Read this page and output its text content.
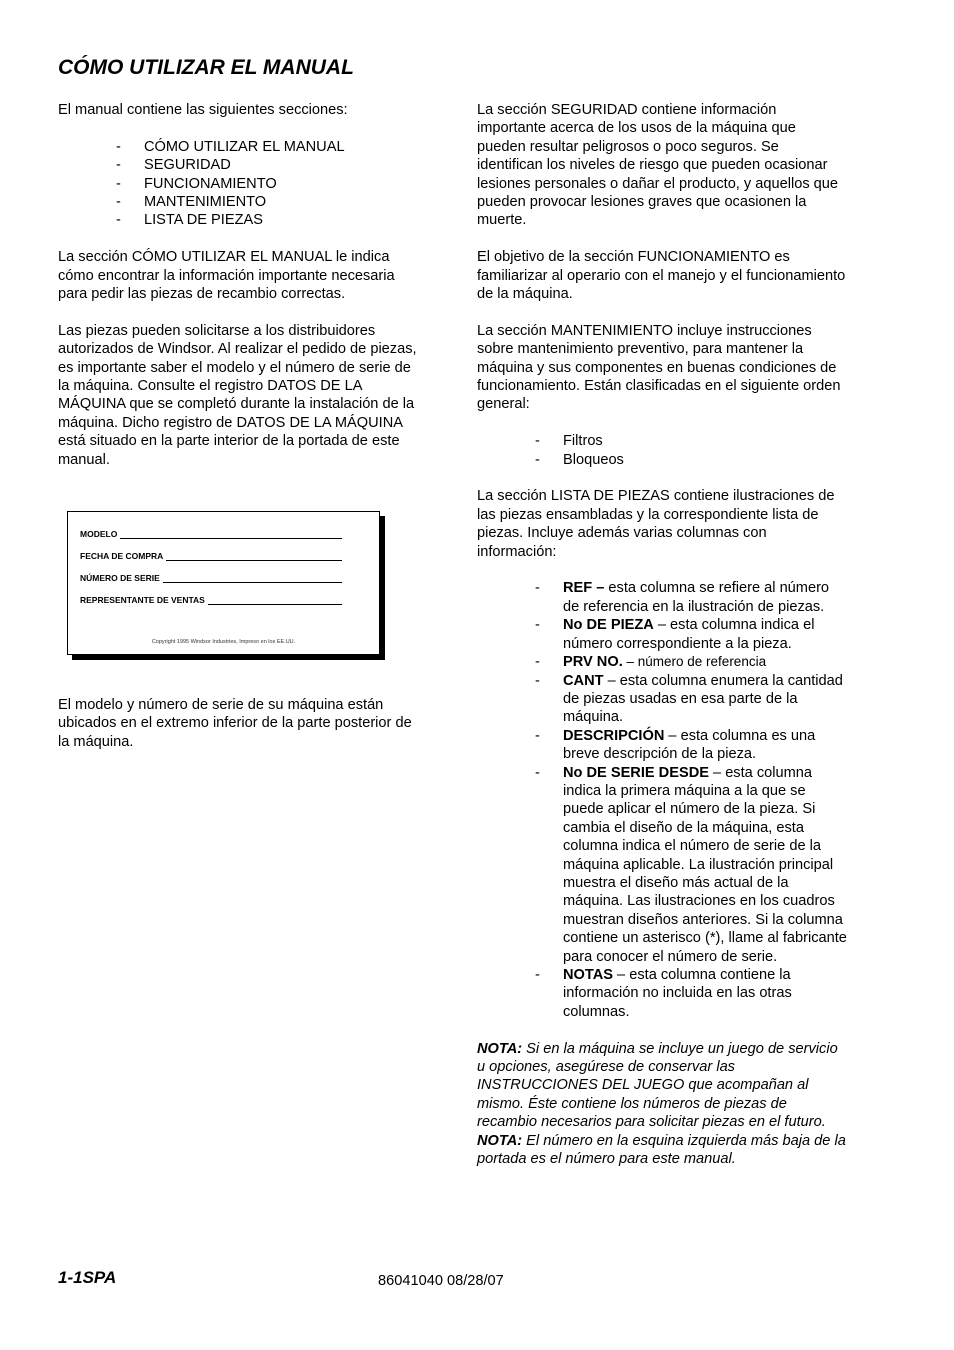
CÓMO UTILIZAR EL MANUAL

El manual contiene las siguientes secciones:

- CÓMO UTILIZAR EL MANUAL
- SEGURIDAD
- FUNCIONAMIENTO
- MANTENIMIENTO
- LISTA DE PIEZAS

La sección CÓMO UTILIZAR EL MANUAL le indica cómo encontrar la información importante necesaria para pedir las piezas de recambio correctas.

Las piezas pueden solicitarse a los distribuidores autorizados de Windsor. Al realizar el pedido de piezas, es importante saber el modelo y el número de serie de la máquina. Consulte el registro DATOS DE LA MÁQUINA que se completó durante la instalación de la máquina. Dicho registro de DATOS DE LA MÁQUINA está situado en la parte interior de la portada de este manual.

MODELO
FECHA DE COMPRA
NÚMERO DE SERIE
REPRESENTANTE DE VENTAS
Copyright 1995 Windsor Industries, Impreso en los EE.UU.

El modelo y número de serie de su máquina están ubicados en el extremo inferior de la parte posterior de la máquina.

La sección SEGURIDAD contiene información importante acerca de los usos de la máquina que pueden resultar peligrosos o poco seguros. Se identifican los niveles de riesgo que pueden ocasionar lesiones personales o dañar el producto, y aquellos que pueden provocar lesiones graves que ocasionen la muerte.

El objetivo de la sección FUNCIONAMIENTO es familiarizar al operario con el manejo y el funcionamiento de la máquina.

La sección MANTENIMIENTO incluye instrucciones sobre mantenimiento preventivo, para mantener la máquina y sus componentes en buenas condiciones de funcionamiento. Están clasificadas en el siguiente orden general:

- Filtros
- Bloqueos

La sección LISTA DE PIEZAS contiene ilustraciones de las piezas ensambladas y la correspondiente lista de piezas. Incluye además varias columnas con información:

- REF – esta columna se refiere al número de referencia en la ilustración de piezas.
- No DE PIEZA – esta columna indica el número correspondiente a la pieza.
- PRV NO. – número de referencia
- CANT – esta columna enumera la cantidad de piezas usadas en esa parte de la máquina.
- DESCRIPCIÓN – esta columna es una breve descripción de la pieza.
- No DE SERIE DESDE – esta columna indica la primera máquina a la que se puede aplicar el número de la pieza. Si cambia el diseño de la máquina, esta columna indica el número de serie de la máquina aplicable. La ilustración principal muestra el diseño más actual de la máquina. Las ilustraciones en los cuadros muestran diseños anteriores. Si la columna contiene un asterisco (*), llame al fabricante para conocer el número de serie.
- NOTAS – esta columna contiene la información no incluida en las otras columnas.

NOTA: Si en la máquina se incluye un juego de servicio u opciones, asegúrese de conservar las INSTRUCCIONES DEL JUEGO que acompañan al mismo. Éste contiene los números de piezas de recambio necesarios para solicitar piezas en el futuro.

NOTA: El número en la esquina izquierda más baja de la portada es el número para este manual.

1-1SPA	86041040 08/28/07
